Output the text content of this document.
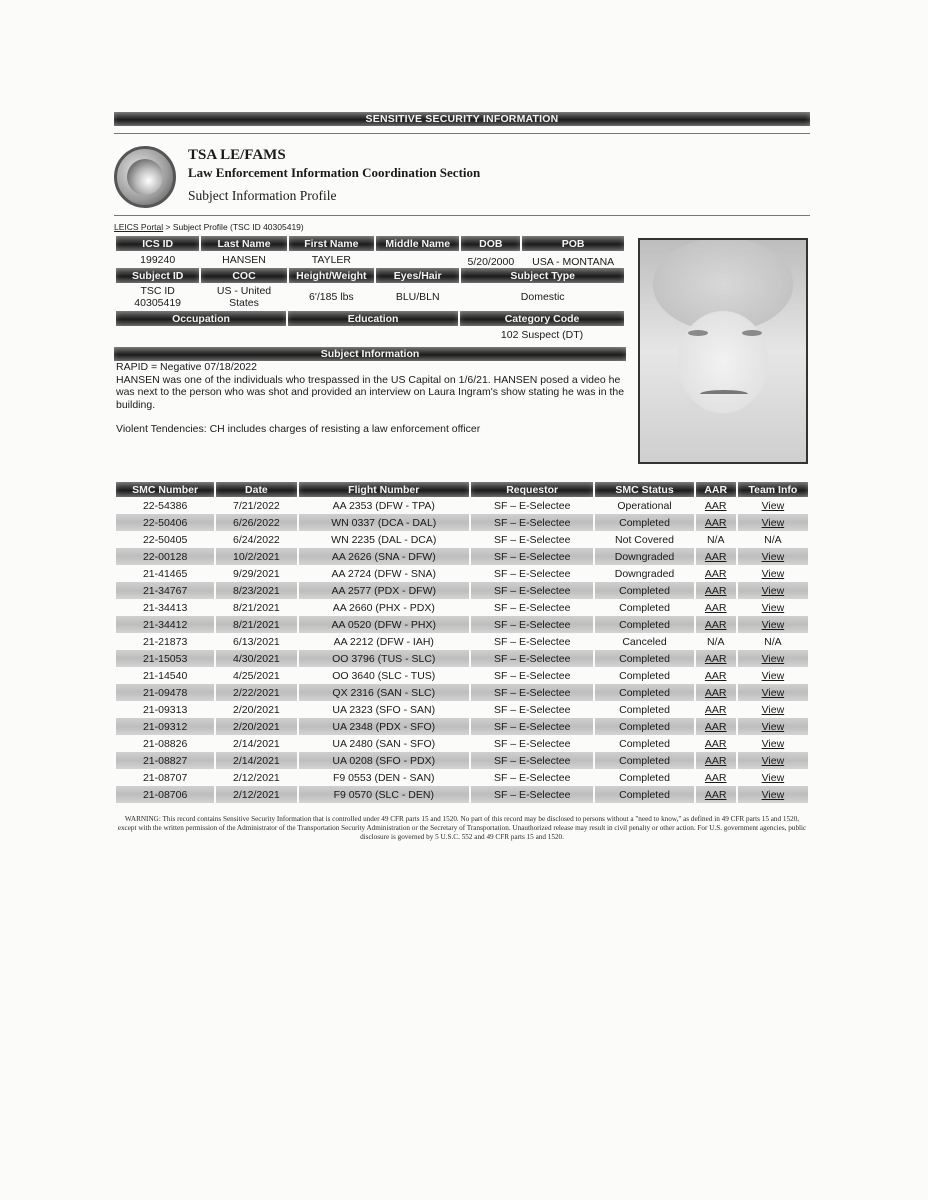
SENSITIVE SECURITY INFORMATION
TSA LE/FAMS
Law Enforcement Information Coordination Section
Subject Information Profile
LEICS Portal > Subject Profile (TSC ID 40305419)
ICS ID	Last Name	First Name	Middle Name	DOB	POB
199240	HANSEN	TAYLER		5/20/2000	USA - MONTANA
Subject ID	COC	Height/Weight	Eyes/Hair	Subject Type
TSC ID 40305419	US - United States	6'/185 lbs	BLU/BLN	Domestic
Occupation	Education	Category Code
		102 Suspect (DT)
Subject Information

RAPID = Negative 07/18/2022

HANSEN was one of the individuals who trespassed in the US Capital on 1/6/21. HANSEN posed a video he was next to the person who was shot and provided an interview on Laura Ingram's show stating he was in the building.

Violent Tendencies: CH includes charges of resisting a law enforcement officer

SMC Number	Date	Flight Number	Requestor	SMC Status	AAR	Team Info
22-54386	7/21/2022	AA 2353 (DFW - TPA)	SF – E-Selectee	Operational	AAR	View
22-50406	6/26/2022	WN 0337 (DCA - DAL)	SF – E-Selectee	Completed	AAR	View
22-50405	6/24/2022	WN 2235 (DAL - DCA)	SF – E-Selectee	Not Covered	N/A	N/A
22-00128	10/2/2021	AA 2626 (SNA - DFW)	SF – E-Selectee	Downgraded	AAR	View
21-41465	9/29/2021	AA 2724 (DFW - SNA)	SF – E-Selectee	Downgraded	AAR	View
21-34767	8/23/2021	AA 2577 (PDX - DFW)	SF – E-Selectee	Completed	AAR	View
21-34413	8/21/2021	AA 2660 (PHX - PDX)	SF – E-Selectee	Completed	AAR	View
21-34412	8/21/2021	AA 0520 (DFW - PHX)	SF – E-Selectee	Completed	AAR	View
21-21873	6/13/2021	AA 2212 (DFW - IAH)	SF – E-Selectee	Canceled	N/A	N/A
21-15053	4/30/2021	OO 3796 (TUS - SLC)	SF – E-Selectee	Completed	AAR	View
21-14540	4/25/2021	OO 3640 (SLC - TUS)	SF – E-Selectee	Completed	AAR	View
21-09478	2/22/2021	QX 2316 (SAN - SLC)	SF – E-Selectee	Completed	AAR	View
21-09313	2/20/2021	UA 2323 (SFO - SAN)	SF – E-Selectee	Completed	AAR	View
21-09312	2/20/2021	UA 2348 (PDX - SFO)	SF – E-Selectee	Completed	AAR	View
21-08826	2/14/2021	UA 2480 (SAN - SFO)	SF – E-Selectee	Completed	AAR	View
21-08827	2/14/2021	UA 0208 (SFO - PDX)	SF – E-Selectee	Completed	AAR	View
21-08707	2/12/2021	F9 0553 (DEN - SAN)	SF – E-Selectee	Completed	AAR	View
21-08706	2/12/2021	F9 0570 (SLC - DEN)	SF – E-Selectee	Completed	AAR	View
WARNING: This record contains Sensitive Security Information that is controlled under 49 CFR parts 15 and 1520. No part of this record may be disclosed to persons without a "need to know," as defined in 49 CFR parts 15 and 1520, except with the written permission of the Administrator of the Transportation Security Administration or the Secretary of Transportation. Unauthorized release may result in civil penalty or other action. For U.S. government agencies, public disclosure is governed by 5 U.S.C. 552 and 49 CFR parts 15 and 1520.
